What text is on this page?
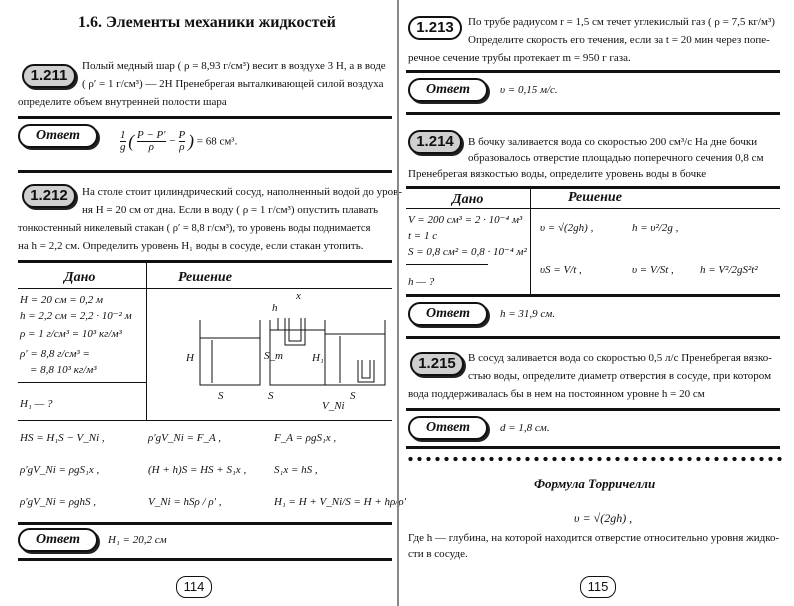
1.6. Элементы механики жидкостей
1.211
Полый медный шар ( ρ = 8,93 г/см³) весит в воздухе 3 Н, а в воде
( ρ′ = 1 г/см³) — 2Н Пренебрегая выталкивающей силой воздуха
определите объем внутренней полости шара
Ответ	$\frac{1}{g}$ ( $\frac{P - P'}{\rho} - \frac{P}{\rho}$ ) = 68 см³.
1.212	На столе стоит цилиндрический сосуд, наполненный водой до уров-
ня H = 20 см от дна. Если в воду ( ρ = 1 г/см³) опустить плавать
тонкостенный никелевый стакан ( ρ′ = 8,8 г/см³), то уровень воды поднимается
на h = 2,2 см. Определить уровень H₁ воды в сосуде, если стакан утопить.
Дано	Решение
H = 20 см = 0,2 м
h = 2,2 см = 2,2 · 10⁻² м
ρ = 1 г/см³ = 10³ кг/м³
ρ′ = 8,8 г/см³ =
= 8,8 10³ кг/м³
H₁ — ?
h
x
H
S
S_т
S
H₁
V_Ni
S
HS = H₁S − V_Ni ,	ρ′gV_Ni = F_A ,	F_A = ρgS₁x ,
ρ′gV_Ni = ρgS₁x ,	(H + h)S = HS + S₁x ,	S₁x = hS ,
ρ′gV_Ni = ρghS ,	V_Ni = hSρ / ρ′ ,	H₁ = H + V_Ni/S = H + hρ/ρ′
Ответ	H₁ = 20,2 см
114
1.213	По трубе радиусом r = 1,5 см течет углекислый газ ( ρ = 7,5 кг/м³)
Определите скорость его течения, если за t = 20 мин через попе-
речное сечение трубы протекает m = 950 г газа.
Ответ	υ = 0,15 м/с.
1.214	В бочку заливается вода со скоростью 200 см³/с На дне бочки
образовалось отверстие площадью поперечного сечения 0,8 см
Пренебрегая вязкостью воды, определите уровень воды в бочке
Дано	Решение
V = 200 см³ = 2 · 10⁻⁴ м³
t = 1 с
S = 0,8 см² = 0,8 · 10⁻⁴ м²
h — ?
υ = √(2gh) ,	h = υ²/2g ,
υS = V/t ,	υ = V/St , h = V²/2gS²t²
Ответ	h = 31,9 см.
1.215	В сосуд заливается вода со скоростью 0,5 л/с Пренебрегая вязко-
стью воды, определите диаметр отверстия в сосуде, при котором
вода поддерживалась бы в нем на постоянном уровне h = 20 см
Ответ	d = 1,8 см.
Формула Торричелли
υ = √(2gh) ,
Где h — глубина, на которой находится отверстие относительно уровня жидко-
сти в сосуде.
115
